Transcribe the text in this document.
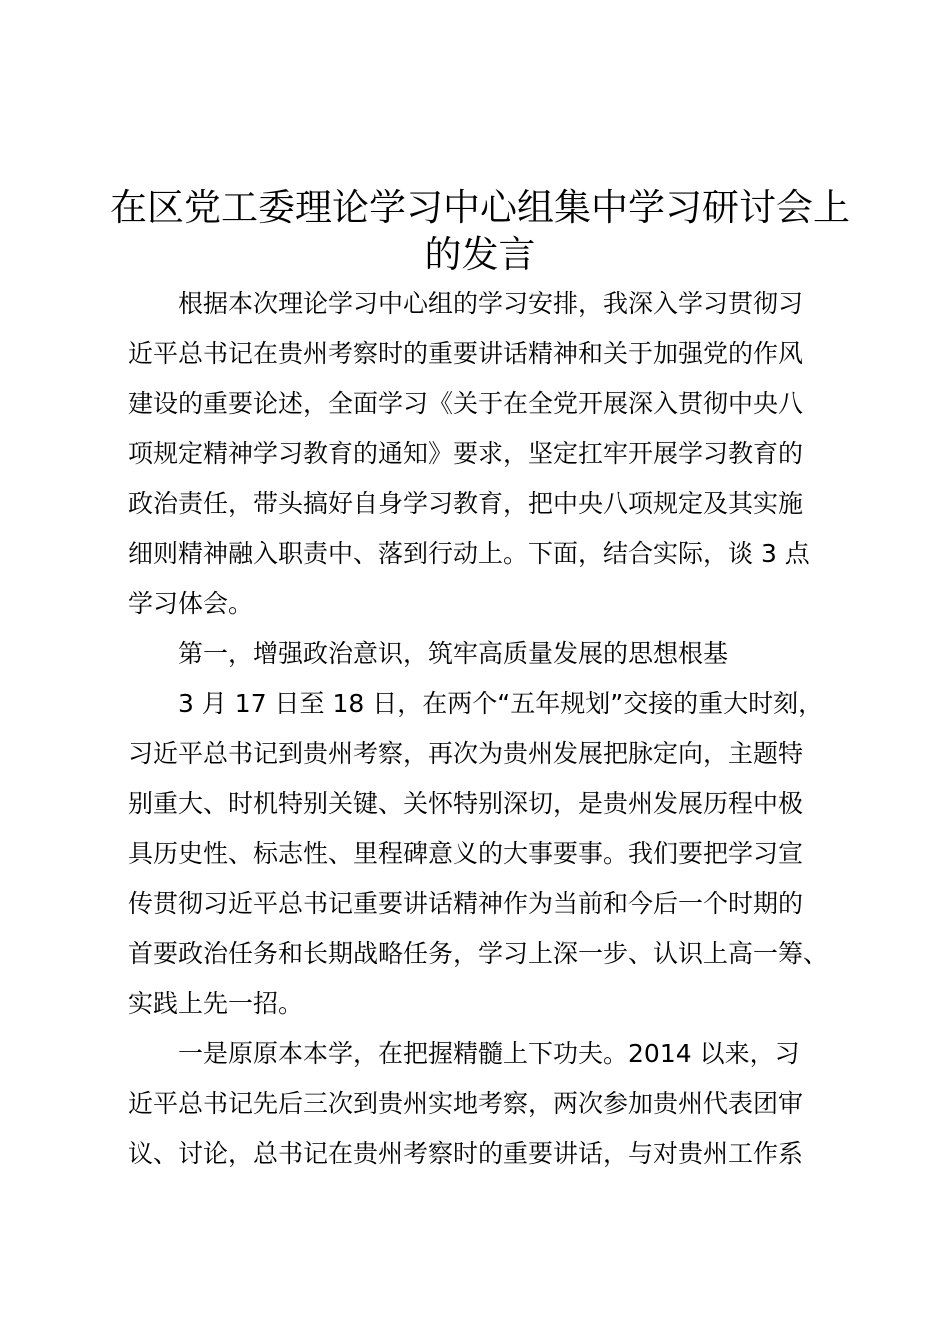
在区党工委理论学习中心组集中学习研讨会上
的发言

　　根据本次理论学习中心组的学习安排，我深入学习贯彻习

近平总书记在贵州考察时的重要讲话精神和关于加强党的作风

建设的重要论述，全面学习《关于在全党开展深入贯彻中央八

项规定精神学习教育的通知》要求，坚定扛牢开展学习教育的

政治责任，带头搞好自身学习教育，把中央八项规定及其实施

细则精神融入职责中、落到行动上。下面，结合实际，谈 3 点

学习体会。

　　第一，增强政治意识，筑牢高质量发展的思想根基

　　3 月 17 日至 18 日，在两个“五年规划”交接的重大时刻，

习近平总书记到贵州考察，再次为贵州发展把脉定向，主题特

别重大、时机特别关键、关怀特别深切，是贵州发展历程中极

具历史性、标志性、里程碑意义的大事要事。我们要把学习宣

传贯彻习近平总书记重要讲话精神作为当前和今后一个时期的

首要政治任务和长期战略任务，学习上深一步、认识上高一筹、

实践上先一招。

　　一是原原本本学，在把握精髓上下功夫。2014 以来，习

近平总书记先后三次到贵州实地考察，两次参加贵州代表团审

议、讨论，总书记在贵州考察时的重要讲话，与对贵州工作系
